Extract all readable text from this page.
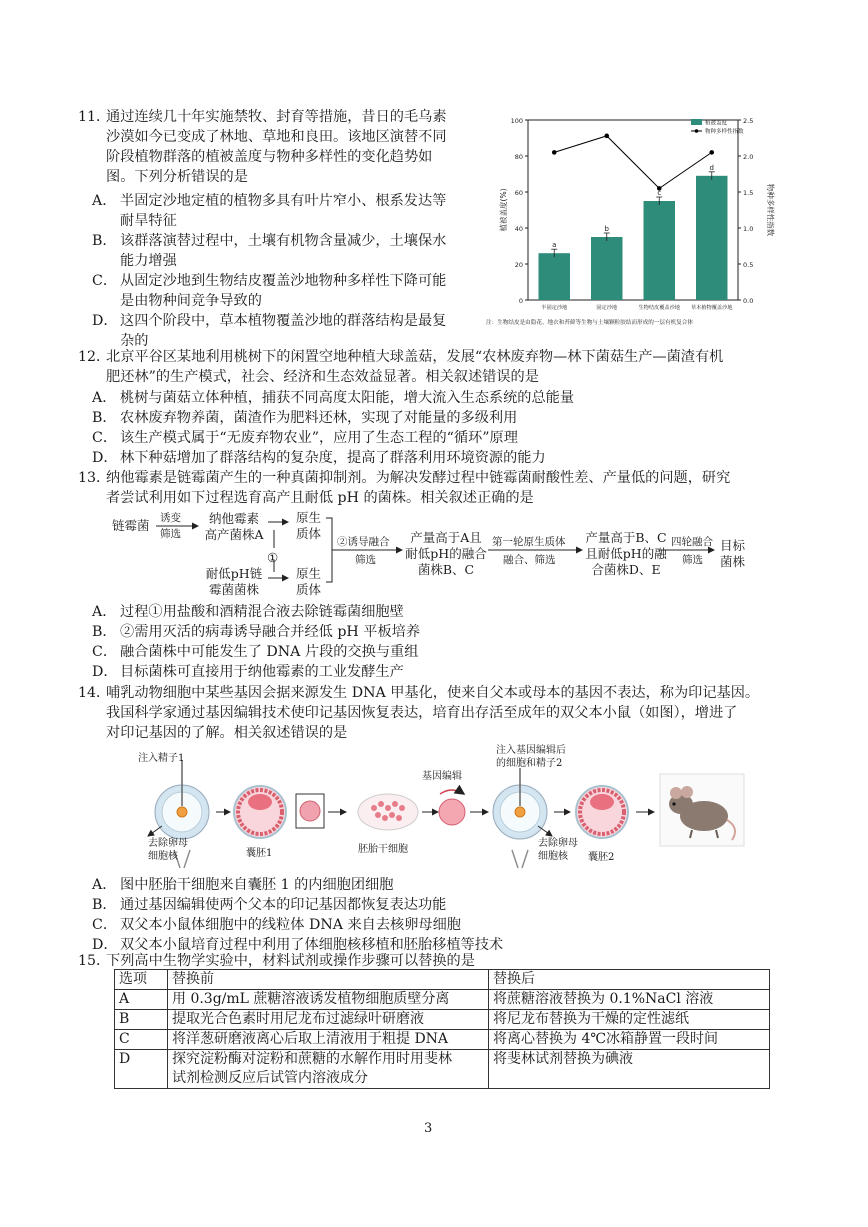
11．
通过连续几十年实施禁牧、封育等措施，昔日的毛乌素
沙漠如今已变成了林地、草地和良田。该地区演替不同
阶段植物群落的植被盖度与物种多样性的变化趋势如
图。下列分析错误的是
A． 半固定沙地定植的植物多具有叶片窄小、根系发达等
耐旱特征
B． 该群落演替过程中，土壤有机物含量减少，土壤保水
能力增强
C． 从固定沙地到生物结皮覆盖沙地物种多样性下降可能
是由物种间竞争导致的
D． 这四个阶段中，草本植物覆盖沙地的群落结构是最复
杂的
0
20
40
60
80
100
0.0
0.5
1.0
1.5
2.0
2.5
a
半固定沙地
b
固定沙地
c
生物结皮覆盖沙地
d
草本植物覆盖沙地
植被盖度(%)	物种多样性指数
植被盖度
物种多样性指数
注：生物结皮是由隐花、地衣和苔藓等生物与土壤颗粒胶结而形成的一层有机复合体
12．
北京平谷区某地利用桃树下的闲置空地种植大球盖菇，发展“农林废弃物—林下菌菇生产—菌渣有机
肥还林”的生产模式，社会、经济和生态效益显著。相关叙述错误的是
A． 桃树与菌菇立体种植，捕获不同高度太阳能，增大流入生态系统的总能量
B． 农林废弃物养菌，菌渣作为肥料还林，实现了对能量的多级利用
C． 该生产模式属于“无废弃物农业”，应用了生态工程的“循环”原理
D． 林下种菇增加了群落结构的复杂度，提高了群落利用环境资源的能力
13．
纳他霉素是链霉菌产生的一种真菌抑制剂。为解决发酵过程中链霉菌耐酸性差、产量低的问题，研究
者尝试利用如下过程选育高产且耐低 pH 的菌株。相关叙述正确的是
链霉菌 诱变
筛选
纳他霉素
高产菌株A
①
耐低pH链
霉菌菌株
原生
质体
原生
质体
②诱导融合
筛选
产量高于A且
耐低pH的融合
菌株B、C
第一轮原生质体
融合、筛选
产量高于B、C
且耐低pH的融
合菌株D、E
四轮融合
筛选
目标
菌株
A． 过程①用盐酸和酒精混合液去除链霉菌细胞壁
B． ②需用灭活的病毒诱导融合并经低 pH 平板培养
C． 融合菌株中可能发生了 DNA 片段的交换与重组
D． 目标菌株可直接用于纳他霉素的工业发酵生产
14．
哺乳动物细胞中某些基因会据来源发生 DNA 甲基化，使来自父本或母本的基因不表达，称为印记基因。
我国科学家通过基因编辑技术使印记基因恢复表达，培育出存活至成年的双父本小鼠（如图），增进了
对印记基因的了解。相关叙述错误的是
注入精子1
去除卵母
细胞核	囊胚1	胚胎干细胞
基因编辑
注入基因编辑后
的细胞和精子2
去除卵母
细胞核	囊胚2
A． 图中胚胎干细胞来自囊胚 1 的内细胞团细胞
B． 通过基因编辑使两个父本的印记基因都恢复表达功能
C． 双父本小鼠体细胞中的线粒体 DNA 来自去核卵母细胞
D． 双父本小鼠培育过程中利用了体细胞核移植和胚胎移植等技术
15．
下列高中生物学实验中，材料试剂或操作步骤可以替换的是
选项	替换前	替换后
A	用 0.3g/mL 蔗糖溶液诱发植物细胞质壁分离	将蔗糖溶液替换为 0.1%NaCl 溶液
B	提取光合色素时用尼龙布过滤绿叶研磨液	将尼龙布替换为干燥的定性滤纸
C	将洋葱研磨液离心后取上清液用于粗提 DNA	将离心替换为 4℃冰箱静置一段时间
D	探究淀粉酶对淀粉和蔗糖的水解作用时用斐林
试剂检测反应后试管内溶液成分	将斐林试剂替换为碘液
3
